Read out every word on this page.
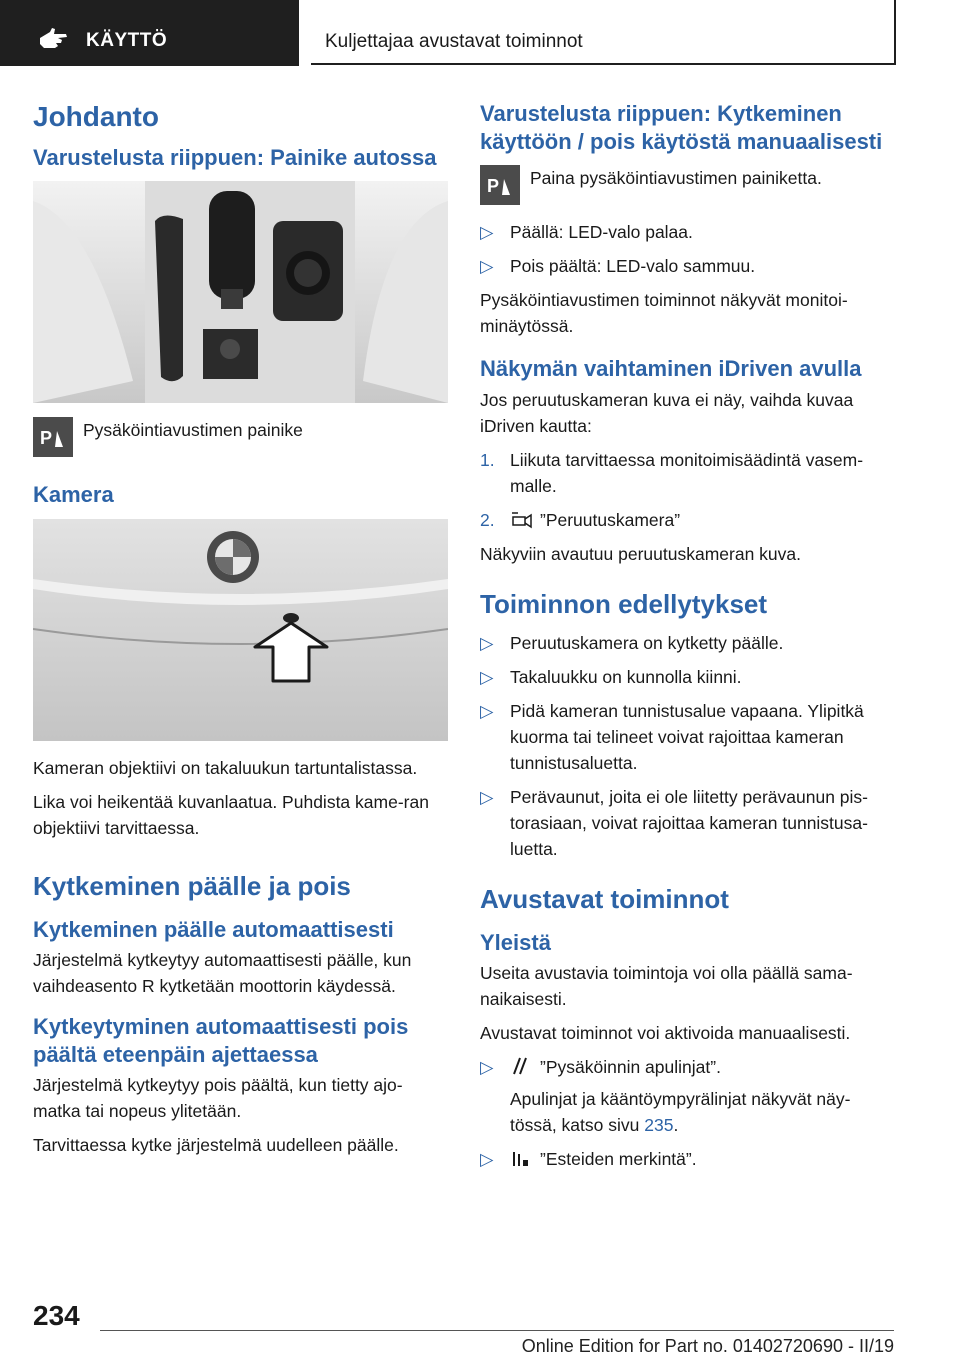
KÄYTTÖ	Kuljettajaa avustavat toiminnot
Johdanto
Varustelusta riippuen: Painike autossa
P Pysäköintiavustimen painike
Kamera

Kameran objektiivi on takaluukun tartuntalistassa.

Lika voi heikentää kuvanlaatua. Puhdista kame-ran objektiivi tarvittaessa.

Kytkeminen päälle ja pois
Kytkeminen päälle automaattisesti

Järjestelmä kytkeytyy automaattisesti päälle, kun vaihdeasento R kytketään moottorin käydessä.

Kytkeytyminen automaattisesti pois päältä eteenpäin ajettaessa

Järjestelmä kytkeytyy pois päältä, kun tietty ajo-matka tai nopeus ylitetään.

Tarvittaessa kytke järjestelmä uudelleen päälle.

Varustelusta riippuen: Kytkeminen käyttöön / pois käytöstä manuaalisesti
P Paina pysäköintiavustimen painiketta.
▷ Päällä: LED-valo palaa.
▷ Pois päältä: LED-valo sammuu.

Pysäköintiavustimen toiminnot näkyvät monitoi-minäytössä.

Näkymän vaihtaminen iDriven avulla

Jos peruutuskameran kuva ei näy, vaihda kuvaa iDriven kautta:

1. Liikuta tarvittaessa monitoimisäädintä vasem-malle.
2.	”Peruutuskamera”

Näkyviin avautuu peruutuskameran kuva.

Toiminnon edellytykset
▷ Peruutuskamera on kytketty päälle.
▷ Takaluukku on kunnolla kiinni.
▷ Pidä kameran tunnistusalue vapaana. Ylipitkä kuorma tai telineet voivat rajoittaa kameran tunnistusaluetta.
▷ Perävaunut, joita ei ole liitetty perävaunun pis-torasiaan, voivat rajoittaa kameran tunnistusa-luetta.
Avustavat toiminnot
Yleistä

Useita avustavia toimintoja voi olla päällä sama-naikaisesti.

Avustavat toiminnot voi aktivoida manuaalisesti.

▷	”Pysäköinnin apulinjat”.
Apulinjat ja kääntöympyrälinjat näkyvät näy-tössä, katso sivu 235.
▷	”Esteiden merkintä”.
234
Online Edition for Part no. 01402720690 - II/19
